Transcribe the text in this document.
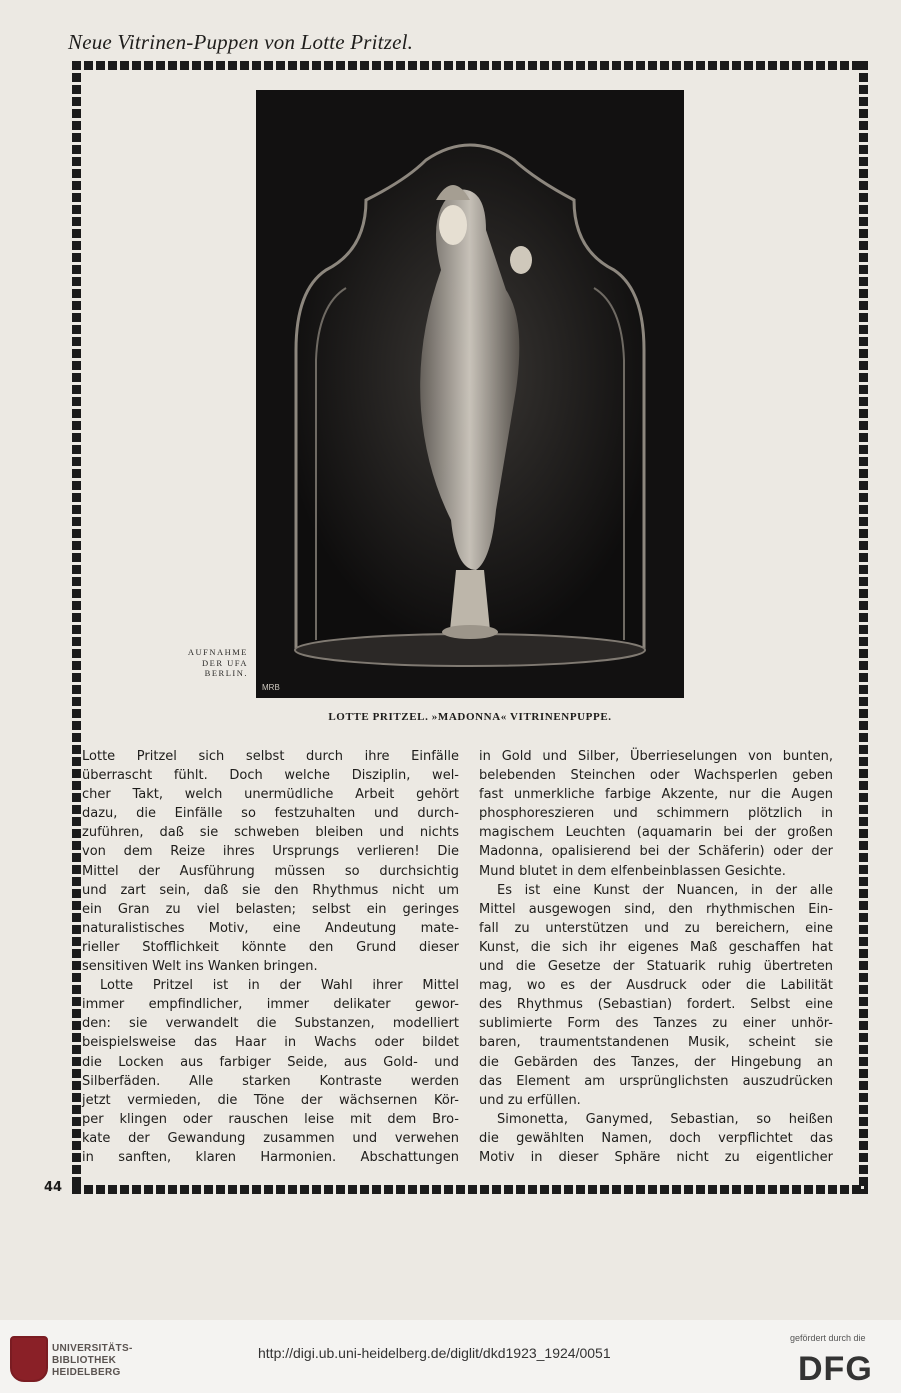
Neue Vitrinen-Puppen von Lotte Pritzel.
MRB
AUFNAHME
DER UFA
BERLIN.
LOTTE PRITZEL. »MADONNA« VITRINENPUPPE.
Lotte Pritzel sich selbst durch ihre Einfälle
überrascht fühlt. Doch welche Disziplin, wel-
cher Takt, welch unermüdliche Arbeit gehört
dazu, die Einfälle so festzuhalten und durch-
zuführen, daß sie schweben bleiben und nichts
von dem Reize ihres Ursprungs verlieren! Die
Mittel der Ausführung müssen so durchsichtig
und zart sein, daß sie den Rhythmus nicht um
ein Gran zu viel belasten; selbst ein geringes
naturalistisches Motiv, eine Andeutung mate-
rieller Stofflichkeit könnte den Grund dieser
sensitiven Welt ins Wanken bringen.
Lotte Pritzel ist in der Wahl ihrer Mittel
immer empfindlicher, immer delikater gewor-
den: sie verwandelt die Substanzen, modelliert
beispielsweise das Haar in Wachs oder bildet
die Locken aus farbiger Seide, aus Gold- und
Silberfäden. Alle starken Kontraste werden
jetzt vermieden, die Töne der wächsernen Kör-
per klingen oder rauschen leise mit dem Bro-
kate der Gewandung zusammen und verwehen
in sanften, klaren Harmonien. Abschattungen
in Gold und Silber, Überrieselungen von bunten,
belebenden Steinchen oder Wachsperlen geben
fast unmerkliche farbige Akzente, nur die Augen
phosphoreszieren und schimmern plötzlich in
magischem Leuchten (aquamarin bei der großen
Madonna, opalisierend bei der Schäferin) oder der
Mund blutet in dem elfenbeinblassen Gesichte.
Es ist eine Kunst der Nuancen, in der alle
Mittel ausgewogen sind, den rhythmischen Ein-
fall zu unterstützen und zu bereichern, eine
Kunst, die sich ihr eigenes Maß geschaffen hat
und die Gesetze der Statuarik ruhig übertreten
mag, wo es der Ausdruck oder die Labilität
des Rhythmus (Sebastian) fordert. Selbst eine
sublimierte Form des Tanzes zu einer unhör-
baren, traumentstandenen Musik, scheint sie
die Gebärden des Tanzes, der Hingebung an
das Element am ursprünglichsten auszudrücken
und zu erfüllen.
Simonetta, Ganymed, Sebastian, so heißen
die gewählten Namen, doch verpflichtet das
Motiv in dieser Sphäre nicht zu eigentlicher
44
UNIVERSITÄTS-
BIBLIOTHEK
HEIDELBERG
http://digi.ub.uni-heidelberg.de/diglit/dkd1923_1924/0051
gefördert durch die
DFG
